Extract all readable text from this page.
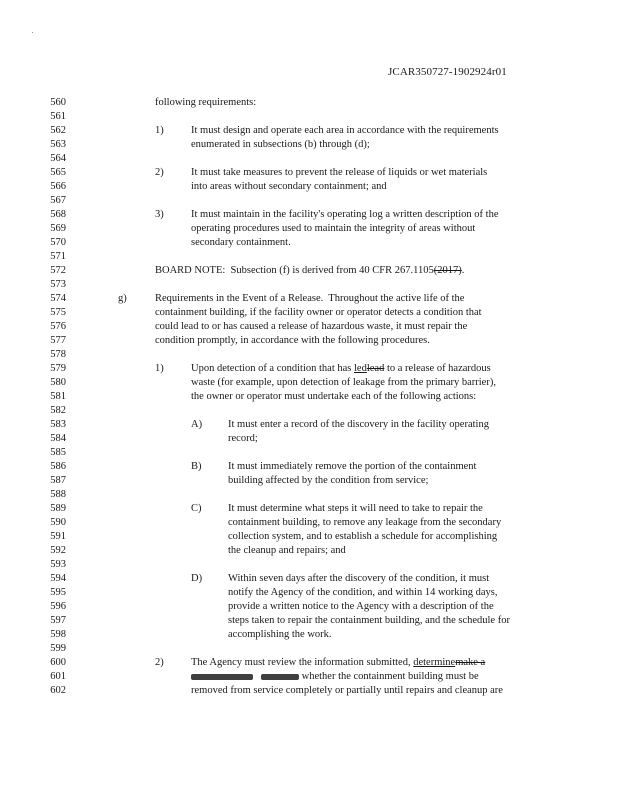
JCAR350727-1902924r01
560
561
562
563
564
565
566
567
568
569
570
571
572
573
574
575
576
577
578
579
580
581
582
583
584
585
586
587
588
589
590
591
592
593
594
595
596
597
598
599
600
601
602
following requirements:
1)	It must design and operate each area in accordance with the requirements
enumerated in subsections (b) through (d);
2)	It must take measures to prevent the release of liquids or wet materials
into areas without secondary containment; and
3)	It must maintain in the facility's operating log a written description of the
operating procedures used to maintain the integrity of areas without
secondary containment.
BOARD NOTE:  Subsection (f) is derived from 40 CFR 267.1105(2017).
g)	Requirements in the Event of a Release.  Throughout the active life of the
containment building, if the facility owner or operator detects a condition that
could lead to or has caused a release of hazardous waste, it must repair the
condition promptly, in accordance with the following procedures.
1)	Upon detection of a condition that has ledlead to a release of hazardous
waste (for example, upon detection of leakage from the primary barrier),
the owner or operator must undertake each of the following actions:
A) It must enter a record of the discovery in the facility operating
record;
B)	It must immediately remove the portion of the containment
building affected by the condition from service;
C)	It must determine what steps it will need to take to repair the
containment building, to remove any leakage from the secondary
collection system, and to establish a schedule for accomplishing
the cleanup and repairs; and
D) Within seven days after the discovery of the condition, it must
notify the Agency of the condition, and within 14 working days,
provide a written notice to the Agency with a description of the
steps taken to repair the containment building, and the schedule for
accomplishing the work.
2)	The Agency must review the information submitted, determinemake a
whether the containment building must be
removed from service completely or partially until repairs and cleanup are
